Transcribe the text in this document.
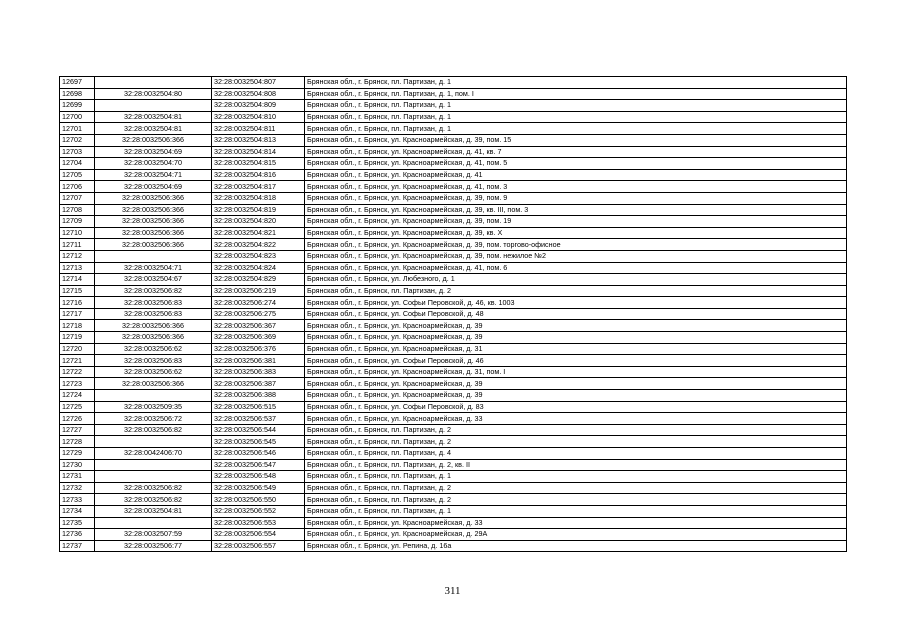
12697		32:28:0032504:807	Брянская обл., г. Брянск, пл. Партизан, д. 1
12698	32:28:0032504:80	32:28:0032504:808	Брянская обл., г. Брянск, пл. Партизан, д. 1, пом. I
12699		32:28:0032504:809	Брянская обл., г. Брянск, пл. Партизан, д. 1
12700	32:28:0032504:81	32:28:0032504:810	Брянская обл., г. Брянск, пл. Партизан, д. 1
12701	32:28:0032504:81	32:28:0032504:811	Брянская обл., г. Брянск, пл. Партизан, д. 1
12702	32:28:0032506:366	32:28:0032504:813	Брянская обл., г. Брянск, ул. Красноармейская, д. 39, пом. 15
12703	32:28:0032504:69	32:28:0032504:814	Брянская обл., г. Брянск, ул. Красноармейская, д. 41, кв. 7
12704	32:28:0032504:70	32:28:0032504:815	Брянская обл., г. Брянск, ул. Красноармейская, д. 41, пом. 5
12705	32:28:0032504:71	32:28:0032504:816	Брянская обл., г. Брянск, ул. Красноармейская, д. 41
12706	32:28:0032504:69	32:28:0032504:817	Брянская обл., г. Брянск, ул. Красноармейская, д. 41, пом. 3
12707	32:28:0032506:366	32:28:0032504:818	Брянская обл., г. Брянск, ул. Красноармейская, д. 39, пом. 9
12708	32:28:0032506:366	32:28:0032504:819	Брянская обл., г. Брянск, ул. Красноармейская, д. 39, кв. III, пом. 3
12709	32:28:0032506:366	32:28:0032504:820	Брянская обл., г. Брянск, ул. Красноармейская, д. 39, пом. 19
12710	32:28:0032506:366	32:28:0032504:821	Брянская обл., г. Брянск, ул. Красноармейская, д. 39, кв. X
12711	32:28:0032506:366	32:28:0032504:822	Брянская обл., г. Брянск, ул. Красноармейская, д. 39, пом. торгово-офисное
12712		32:28:0032504:823	Брянская обл., г. Брянск, ул. Красноармейская, д. 39, пом. нежилое №2
12713	32:28:0032504:71	32:28:0032504:824	Брянская обл., г. Брянск, ул. Красноармейская, д. 41, пом. 6
12714	32:28:0032504:67	32:28:0032504:829	Брянская обл., г. Брянск, ул. Любезного, д. 1
12715	32:28:0032506:82	32:28:0032506:219	Брянская обл., г. Брянск, пл. Партизан, д. 2
12716	32:28:0032506:83	32:28:0032506:274	Брянская обл., г. Брянск, ул. Софьи Перовской, д. 46, кв. 1003
12717	32:28:0032506:83	32:28:0032506:275	Брянская обл., г. Брянск, ул. Софьи Перовской, д. 48
12718	32:28:0032506:366	32:28:0032506:367	Брянская обл., г. Брянск, ул. Красноармейская, д. 39
12719	32:28:0032506:366	32:28:0032506:369	Брянская обл., г. Брянск, ул. Красноармейская, д. 39
12720	32:28:0032506:62	32:28:0032506:376	Брянская обл., г. Брянск, ул. Красноармейская, д. 31
12721	32:28:0032506:83	32:28:0032506:381	Брянская обл., г. Брянск, ул. Софьи Перовской, д. 46
12722	32:28:0032506:62	32:28:0032506:383	Брянская обл., г. Брянск, ул. Красноармейская, д. 31, пом. I
12723	32:28:0032506:366	32:28:0032506:387	Брянская обл., г. Брянск, ул. Красноармейская, д. 39
12724		32:28:0032506:388	Брянская обл., г. Брянск, ул. Красноармейская, д. 39
12725	32:28:0032509:35	32:28:0032506:515	Брянская обл., г. Брянск, ул. Софьи Перовской, д. 83
12726	32:28:0032506:72	32:28:0032506:537	Брянская обл., г. Брянск, ул. Красноармейская, д. 33
12727	32:28:0032506:82	32:28:0032506:544	Брянская обл., г. Брянск, пл. Партизан, д. 2
12728		32:28:0032506:545	Брянская обл., г. Брянск, пл. Партизан, д. 2
12729	32:28:0042406:70	32:28:0032506:546	Брянская обл., г. Брянск, пл. Партизан, д. 4
12730		32:28:0032506:547	Брянская обл., г. Брянск, пл. Партизан, д. 2, кв. II
12731		32:28:0032506:548	Брянская обл., г. Брянск, пл. Партизан, д. 1
12732	32:28:0032506:82	32:28:0032506:549	Брянская обл., г. Брянск, пл. Партизан, д. 2
12733	32:28:0032506:82	32:28:0032506:550	Брянская обл., г. Брянск, пл. Партизан, д. 2
12734	32:28:0032504:81	32:28:0032506:552	Брянская обл., г. Брянск, пл. Партизан, д. 1
12735		32:28:0032506:553	Брянская обл., г. Брянск, ул. Красноармейская, д. 33
12736	32:28:0032507:59	32:28:0032506:554	Брянская обл., г. Брянск, ул. Красноармейская, д. 29А
12737	32:28:0032506:77	32:28:0032506:557	Брянская обл., г. Брянск, ул. Репина, д. 16а
311
